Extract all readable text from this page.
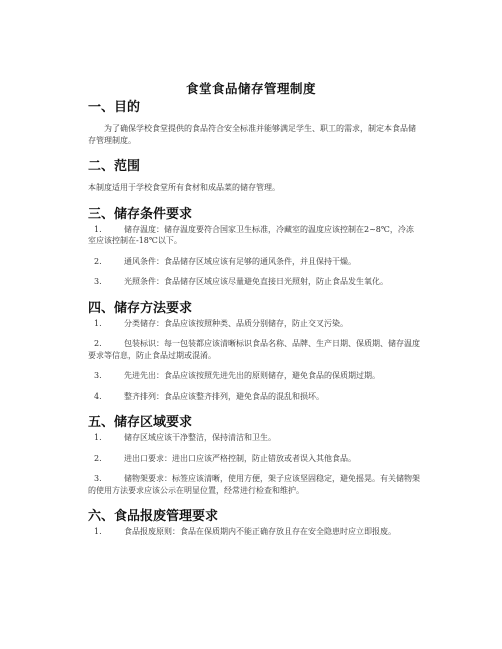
食堂食品储存管理制度
一、目的

为了确保学校食堂提供的食品符合安全标准并能够满足学生、职工的需求，制定本食品储存管理制度。

二、范围

本制度适用于学校食堂所有食材和成品菜的储存管理。

三、储存条件要求

1.	储存温度：储存温度要符合国家卫生标准，冷藏室的温度应该控制在2~8℃，冷冻室应该控制在-18℃以下。

2.	通风条件：食品储存区域应该有足够的通风条件，并且保持干燥。

3.	光照条件：食品储存区域应该尽量避免直接日光照射，防止食品发生氧化。

四、储存方法要求

1.	分类储存：食品应该按照种类、品质分别储存，防止交叉污染。

2.	包装标识：每一包装都应该清晰标识食品名称、品牌、生产日期、保质期、储存温度要求等信息，防止食品过期或混淆。

3.	先进先出：食品应该按照先进先出的原则储存，避免食品的保质期过期。

4.	整齐排列：食品应该整齐排列，避免食品的混乱和损坏。

五、储存区域要求

1.	储存区域应该干净整洁，保持清洁和卫生。

2.	进出口要求：进出口应该严格控制，防止错放或者误入其他食品。

3.	储物架要求：标签应该清晰，使用方便，架子应该坚固稳定，避免摇晃。有关储物架的使用方法要求应该公示在明显位置，经常进行检查和维护。

六、食品报废管理要求

1.	食品报废原则：食品在保质期内不能正确存放且存在安全隐患时应立即报废。
